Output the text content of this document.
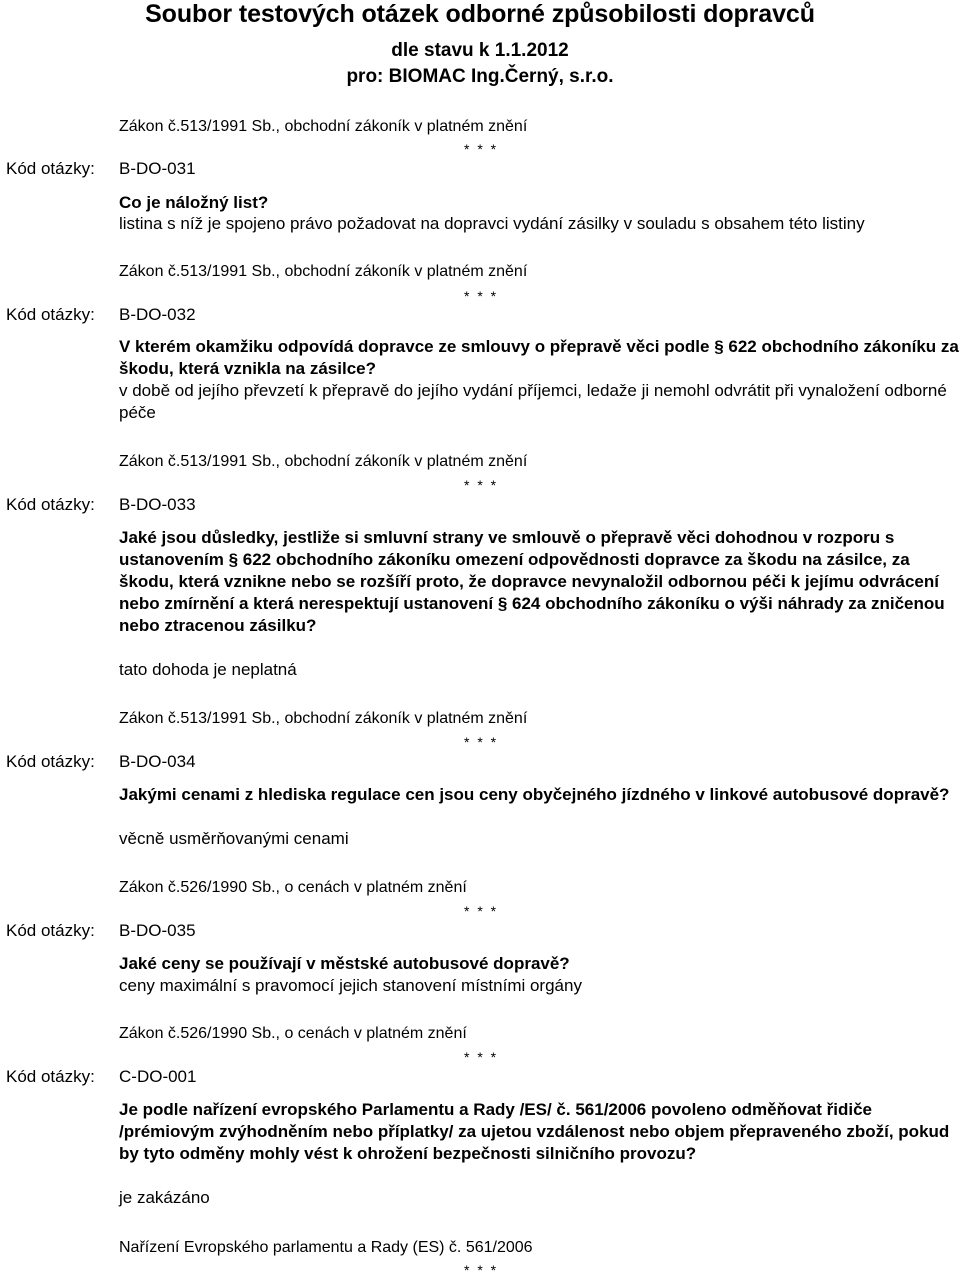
Soubor testových otázek odborné způsobilosti dopravců
dle stavu k 1.1.2012
pro: BIOMAC Ing.Černý, s.r.o.
Zákon č.513/1991 Sb., obchodní zákoník v platném znění
* * *
Kód otázky: B-DO-031
Co je náložný list?
listina s níž je spojeno právo požadovat na dopravci vydání zásilky v souladu s obsahem této listiny
Zákon č.513/1991 Sb., obchodní zákoník v platném znění
* * *
Kód otázky: B-DO-032
V kterém okamžiku odpovídá dopravce ze smlouvy o přepravě věci podle § 622 obchodního zákoníku za škodu, která vznikla na zásilce?
v době od jejího převzetí k přepravě do jejího vydání příjemci, ledaže ji nemohl odvrátit při vynaložení odborné péče
Zákon č.513/1991 Sb., obchodní zákoník v platném znění
* * *
Kód otázky: B-DO-033
Jaké jsou důsledky, jestliže si smluvní strany ve smlouvě o přepravě věci dohodnou v rozporu s ustanovením § 622 obchodního zákoníku omezení odpovědnosti dopravce za škodu na zásilce, za škodu, která vznikne nebo se rozšíří proto, že dopravce nevynaložil odbornou péči k jejímu odvrácení nebo zmírnění a která nerespektují ustanovení § 624 obchodního zákoníku o výši náhrady za zničenou nebo ztracenou zásilku?
tato dohoda je neplatná
Zákon č.513/1991 Sb., obchodní zákoník v platném znění
* * *
Kód otázky: B-DO-034
Jakými cenami z hlediska regulace cen jsou ceny obyčejného jízdného v linkové autobusové dopravě?
věcně usměrňovanými cenami
Zákon č.526/1990 Sb., o cenách v platném znění
* * *
Kód otázky: B-DO-035
Jaké ceny se používají v městské autobusové dopravě?
ceny maximální s pravomocí jejich stanovení místními orgány
Zákon č.526/1990 Sb., o cenách v platném znění
* * *
Kód otázky: C-DO-001
Je podle nařízení evropského Parlamentu a Rady /ES/ č. 561/2006 povoleno odměňovat řidiče /prémiovým zvýhodněním nebo příplatky/ za ujetou vzdálenost nebo objem přepraveného zboží, pokud by tyto odměny mohly vést k ohrožení bezpečnosti silničního provozu?
je zakázáno
Nařízení Evropského parlamentu a Rady (ES) č. 561/2006
* * *
